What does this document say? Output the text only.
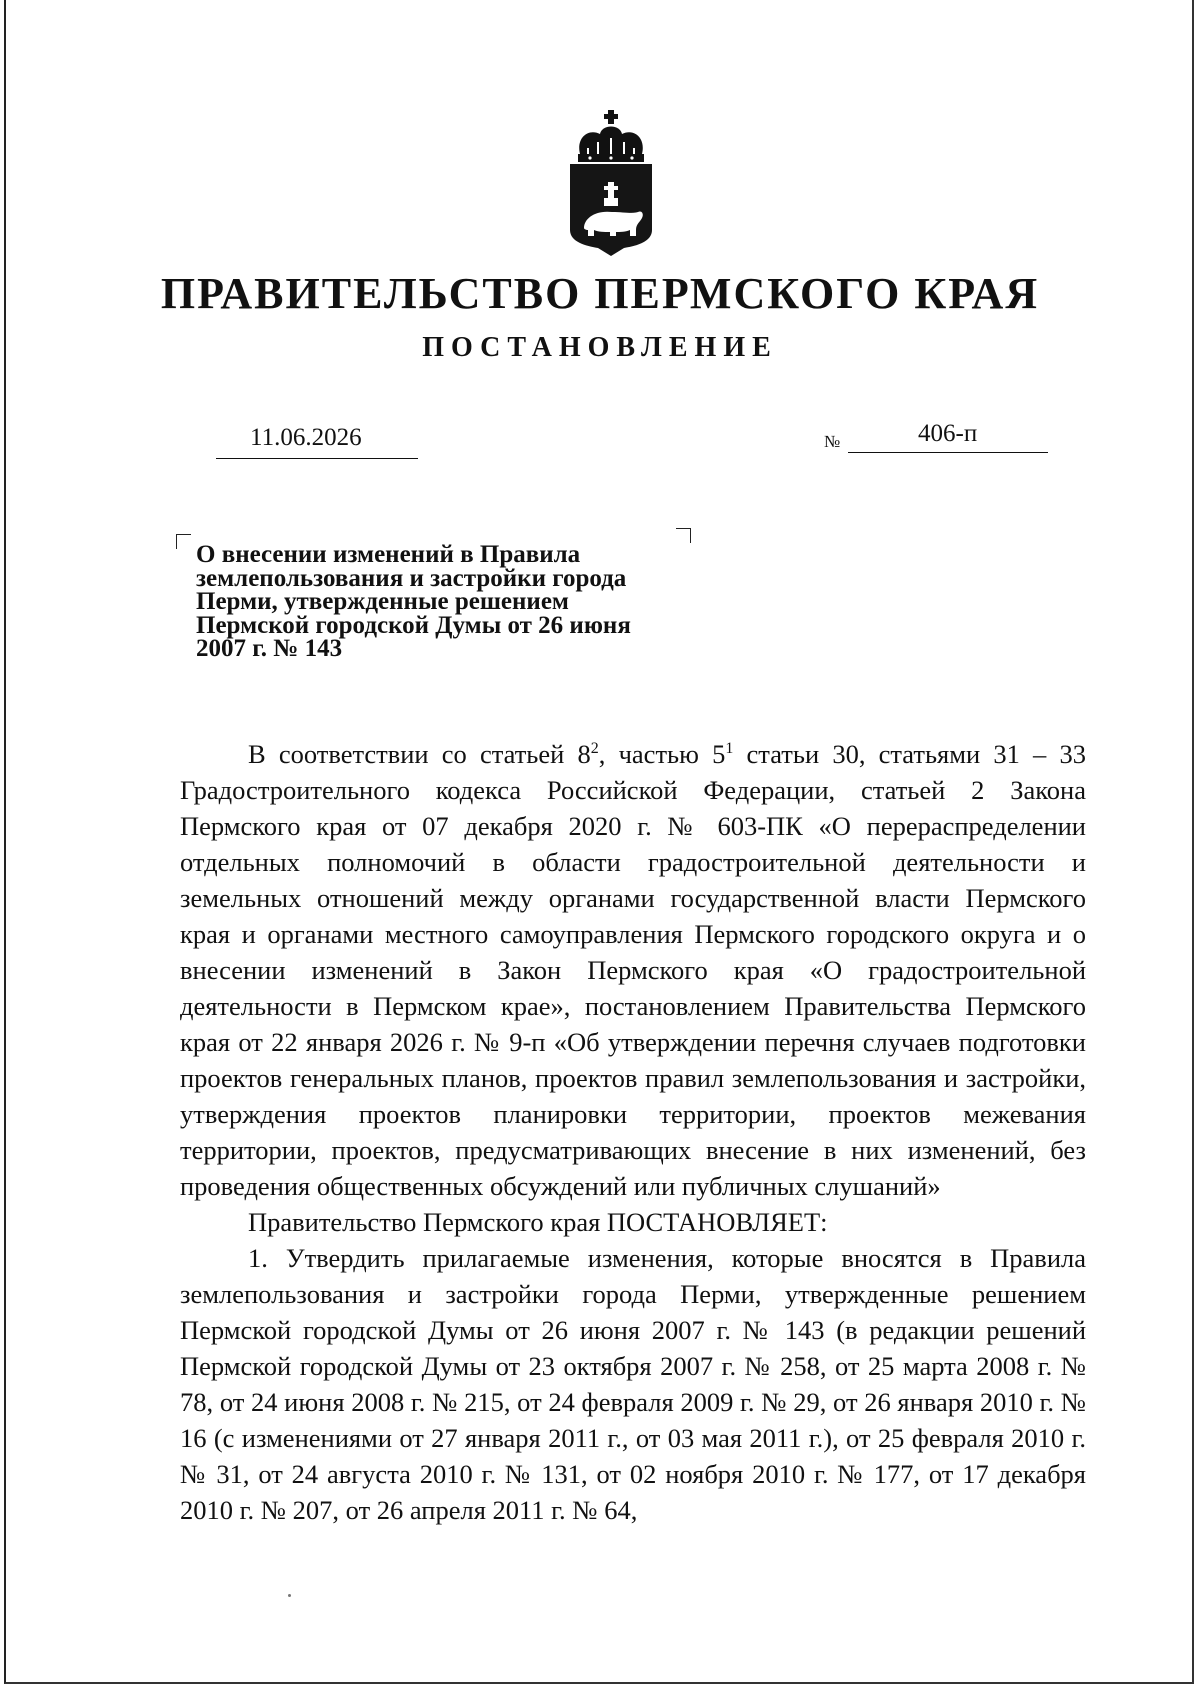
ПРАВИТЕЛЬСТВО ПЕРМСКОГО КРАЯ
ПОСТАНОВЛЕНИЕ
11.06.2026	№	406-п
О внесении изменений в Правила
землепользования и застройки города
Перми, утвержденные решением
Пермской городской Думы от 26 июня
2007 г. № 143

В соответствии со статьей $8^2$, частью $5^1$ статьи 30, статьями 31 – 33 Градостроительного кодекса Российской Федерации, статьей 2 Закона Пермского края от 07 декабря 2020 г. № 603-ПК «О перераспределении отдельных полномочий в области градостроительной деятельности и земельных отношений между органами государственной власти Пермского края и органами местного самоуправления Пермского городского округа и о внесении изменений в Закон Пермского края «О градостроительной деятельности в Пермском крае», постановлением Правительства Пермского края от 22 января 2026 г. № 9-п «Об утверждении перечня случаев подготовки проектов генеральных планов, проектов правил землепользования и застройки, утверждения проектов планировки территории, проектов межевания территории, проектов, предусматривающих внесение в них изменений, без проведения общественных обсуждений или публичных слушаний»

Правительство Пермского края ПОСТАНОВЛЯЕТ:

1. Утвердить прилагаемые изменения, которые вносятся в Правила землепользования и застройки города Перми, утвержденные решением Пермской городской Думы от 26 июня 2007 г. № 143 (в редакции решений Пермской городской Думы от 23 октября 2007 г. № 258, от 25 марта 2008 г. № 78, от 24 июня 2008 г. № 215, от 24 февраля 2009 г. № 29, от 26 января 2010 г. № 16 (с изменениями от 27 января 2011 г., от 03 мая 2011 г.), от 25 февраля 2010 г. № 31, от 24 августа 2010 г. № 131, от 02 ноября 2010 г. № 177, от 17 декабря 2010 г. № 207, от 26 апреля 2011 г. № 64,
